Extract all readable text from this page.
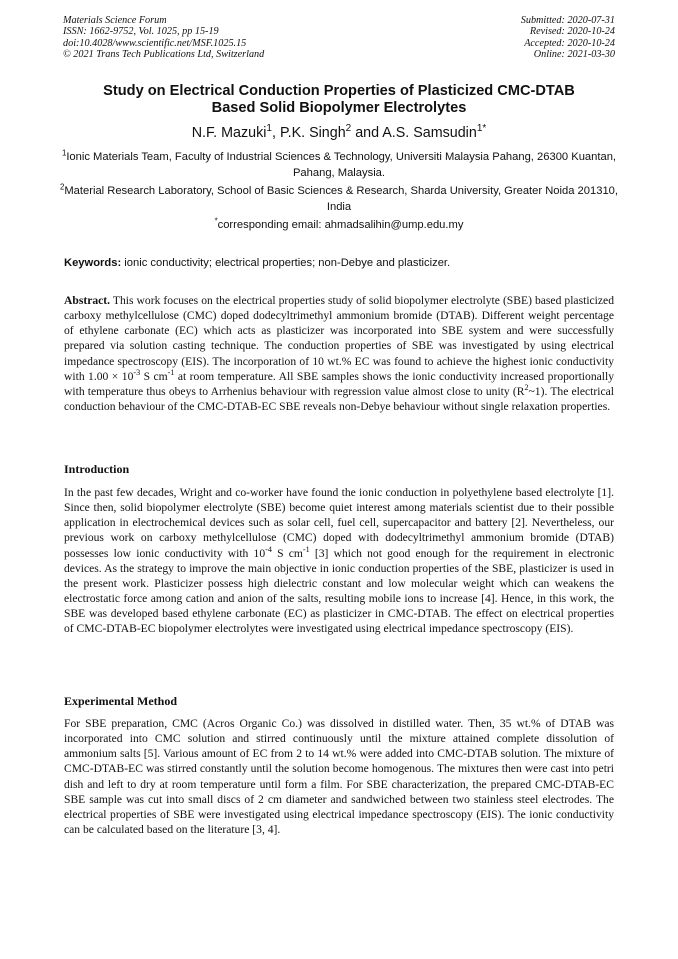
Materials Science Forum
ISSN: 1662-9752, Vol. 1025, pp 15-19
doi:10.4028/www.scientific.net/MSF.1025.15
© 2021 Trans Tech Publications Ltd, Switzerland
Submitted: 2020-07-31
Revised: 2020-10-24
Accepted: 2020-10-24
Online: 2021-03-30
Study on Electrical Conduction Properties of Plasticized CMC-DTAB
Based Solid Biopolymer Electrolytes
N.F. Mazuki$^1$, P.K. Singh$^2$ and A.S. Samsudin$^{1*}$
$^1$Ionic Materials Team, Faculty of Industrial Sciences & Technology, Universiti Malaysia Pahang, 26300 Kuantan, Pahang, Malaysia.
$^2$Material Research Laboratory, School of Basic Sciences & Research, Sharda University, Greater Noida 201310, India
*corresponding email: ahmadsalihin@ump.edu.my
Keywords: ionic conductivity; electrical properties; non-Debye and plasticizer.
Abstract. This work focuses on the electrical properties study of solid biopolymer electrolyte (SBE) based plasticized carboxy methylcellulose (CMC) doped dodecyltrimethyl ammonium bromide (DTAB). Different weight percentage of ethylene carbonate (EC) which acts as plasticizer was incorporated into SBE system and were successfully prepared via solution casting technique. The conduction properties of SBE was investigated by using electrical impedance spectroscopy (EIS). The incorporation of 10 wt.% EC was found to achieve the highest ionic conductivity with $1.00 \times 10^{-3}$ S $cm^{-1}$ at room temperature. All SBE samples shows the ionic conductivity increased proportionally with temperature thus obeys to Arrhenius behaviour with regression value almost close to unity $(R^2\sim 1)$. The electrical conduction behaviour of the CMC-DTAB-EC SBE reveals non-Debye behaviour without single relaxation properties.
Introduction
In the past few decades, Wright and co-worker have found the ionic conduction in polyethylene based electrolyte [1]. Since then, solid biopolymer electrolyte (SBE) become quiet interest among materials scientist due to their possible application in electrochemical devices such as solar cell, fuel cell, supercapacitor and battery [2]. Nevertheless, our previous work on carboxy methylcellulose (CMC) doped with dodecyltrimethyl ammonium bromide (DTAB) possesses low ionic conductivity with $10^{-4}$ S $cm^{-1}$ [3] which not good enough for the requirement in electronic devices. As the strategy to improve the main objective in ionic conduction properties of the SBE, plasticizer is used in the present work. Plasticizer possess high dielectric constant and low molecular weight which can weakens the electrostatic force among cation and anion of the salts, resulting mobile ions to increase [4]. Hence, in this work, the SBE was developed based ethylene carbonate (EC) as plasticizer in CMC-DTAB. The effect on electrical properties of CMC-DTAB-EC biopolymer electrolytes were investigated using electrical impedance spectroscopy (EIS).
Experimental Method
For SBE preparation, CMC (Acros Organic Co.) was dissolved in distilled water. Then, 35 wt.% of DTAB was incorporated into CMC solution and stirred continuously until the mixture attained complete dissolution of ammonium salts [5]. Various amount of EC from 2 to 14 wt.% were added into CMC-DTAB solution. The mixture of CMC-DTAB-EC was stirred constantly until the solution become homogenous. The mixtures then were cast into petri dish and left to dry at room temperature until form a film. For SBE characterization, the prepared CMC-DTAB-EC SBE sample was cut into small discs of 2 cm diameter and sandwiched between two stainless steel electrodes. The electrical properties of SBE were investigated using electrical impedance spectroscopy (EIS). The ionic conductivity can be calculated based on the literature [3, 4].
